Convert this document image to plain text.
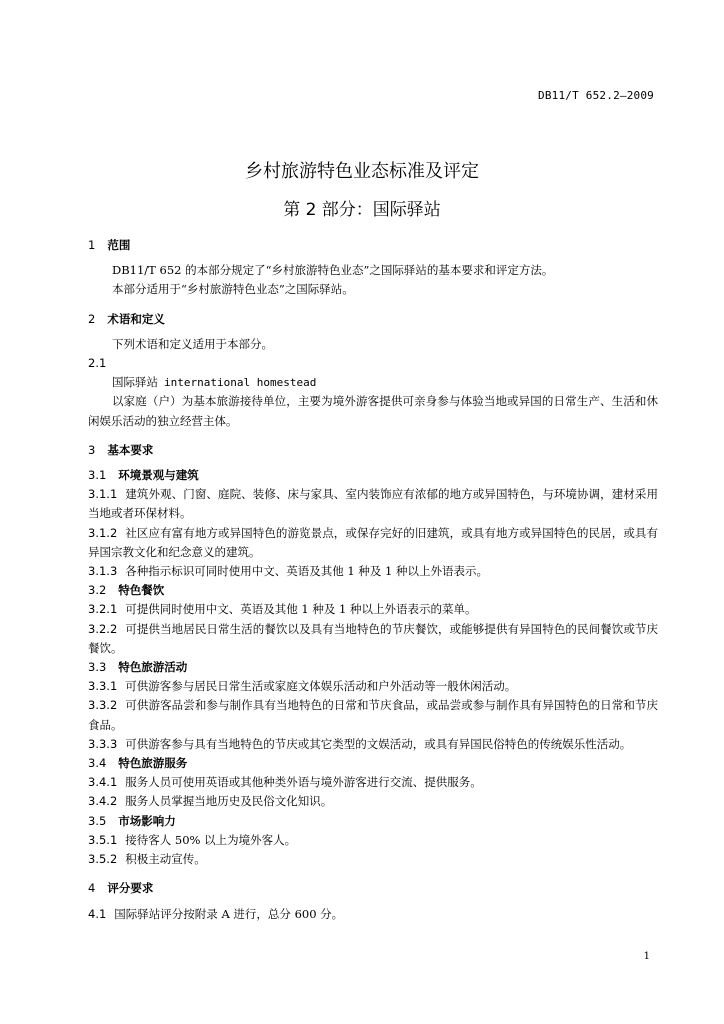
DB11/T 652.2—2009
乡村旅游特色业态标准及评定
第 2 部分：国际驿站
1 范围

DB11/T 652 的本部分规定了“乡村旅游特色业态”之国际驿站的基本要求和评定方法。

本部分适用于“乡村旅游特色业态”之国际驿站。

2 术语和定义

下列术语和定义适用于本部分。

2.1

国际驿站 international homestead

以家庭（户）为基本旅游接待单位，主要为境外游客提供可亲身参与体验当地或异国的日常生产、生活和休闲娱乐活动的独立经营主体。

3 基本要求
3.1 环境景观与建筑

3.1.1 建筑外观、门窗、庭院、装修、床与家具、室内装饰应有浓郁的地方或异国特色，与环境协调，建材采用当地或者环保材料。

3.1.2 社区应有富有地方或异国特色的游览景点，或保存完好的旧建筑，或具有地方或异国特色的民居，或具有异国宗教文化和纪念意义的建筑。

3.1.3 各种指示标识可同时使用中文、英语及其他 1 种及 1 种以上外语表示。

3.2 特色餐饮

3.2.1 可提供同时使用中文、英语及其他 1 种及 1 种以上外语表示的菜单。

3.2.2 可提供当地居民日常生活的餐饮以及具有当地特色的节庆餐饮，或能够提供有异国特色的民间餐饮或节庆餐饮。

3.3 特色旅游活动

3.3.1 可供游客参与居民日常生活或家庭文体娱乐活动和户外活动等一般休闲活动。

3.3.2 可供游客品尝和参与制作具有当地特色的日常和节庆食品，或品尝或参与制作具有异国特色的日常和节庆食品。

3.3.3 可供游客参与具有当地特色的节庆或其它类型的文娱活动，或具有异国民俗特色的传统娱乐性活动。

3.4 特色旅游服务

3.4.1 服务人员可使用英语或其他种类外语与境外游客进行交流、提供服务。

3.4.2 服务人员掌握当地历史及民俗文化知识。

3.5 市场影响力

3.5.1 接待客人 50% 以上为境外客人。

3.5.2 积极主动宣传。

4 评分要求

4.1 国际驿站评分按附录 A 进行，总分 600 分。

1
